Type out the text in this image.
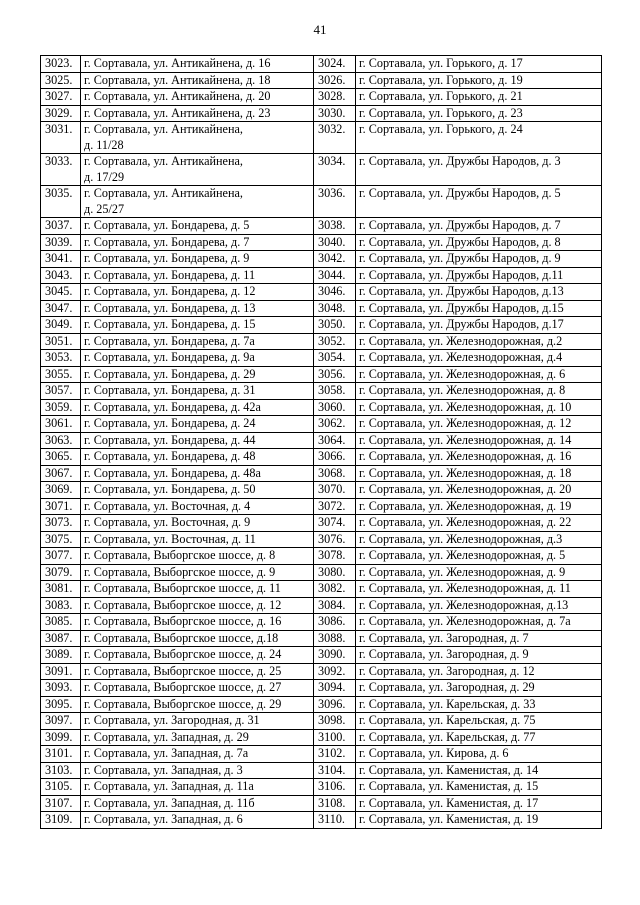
41
3023.	г. Сортавала, ул. Антикайнена, д. 16	3024.	г. Сортавала, ул. Горького, д. 17
3025.	г. Сортавала, ул. Антикайнена, д. 18	3026.	г. Сортавала, ул. Горького, д. 19
3027.	г. Сортавала, ул. Антикайнена, д. 20	3028.	г. Сортавала, ул. Горького, д. 21
3029.	г. Сортавала, ул. Антикайнена, д. 23	3030.	г. Сортавала, ул. Горького, д. 23
3031.	г. Сортавала, ул. Антикайнена,
д. 11/28	3032.	г. Сортавала, ул. Горького, д. 24
3033.	г. Сортавала, ул. Антикайнена,
д. 17/29	3034.	г. Сортавала, ул. Дружбы Народов, д. 3
3035.	г. Сортавала, ул. Антикайнена,
д. 25/27	3036.	г. Сортавала, ул. Дружбы Народов, д. 5
3037.	г. Сортавала, ул. Бондарева, д. 5	3038.	г. Сортавала, ул. Дружбы Народов, д. 7
3039.	г. Сортавала, ул. Бондарева, д. 7	3040.	г. Сортавала, ул. Дружбы Народов, д. 8
3041.	г. Сортавала, ул. Бондарева, д. 9	3042.	г. Сортавала, ул. Дружбы Народов, д. 9
3043.	г. Сортавала, ул. Бондарева, д. 11	3044.	г. Сортавала, ул. Дружбы Народов, д.11
3045.	г. Сортавала, ул. Бондарева, д. 12	3046.	г. Сортавала, ул. Дружбы Народов, д.13
3047.	г. Сортавала, ул. Бондарева, д. 13	3048.	г. Сортавала, ул. Дружбы Народов, д.15
3049.	г. Сортавала, ул. Бондарева, д. 15	3050.	г. Сортавала, ул. Дружбы Народов, д.17
3051.	г. Сортавала, ул. Бондарева, д. 7а	3052.	г. Сортавала, ул. Железнодорожная, д.2
3053.	г. Сортавала, ул. Бондарева, д. 9а	3054.	г. Сортавала, ул. Железнодорожная, д.4
3055.	г. Сортавала, ул. Бондарева, д. 29	3056.	г. Сортавала, ул. Железнодорожная, д. 6
3057.	г. Сортавала, ул. Бондарева, д. 31	3058.	г. Сортавала, ул. Железнодорожная, д. 8
3059.	г. Сортавала, ул. Бондарева, д. 42а	3060.	г. Сортавала, ул. Железнодорожная, д. 10
3061.	г. Сортавала, ул. Бондарева, д. 24	3062.	г. Сортавала, ул. Железнодорожная, д. 12
3063.	г. Сортавала, ул. Бондарева, д. 44	3064.	г. Сортавала, ул. Железнодорожная, д. 14
3065.	г. Сортавала, ул. Бондарева, д. 48	3066.	г. Сортавала, ул. Железнодорожная, д. 16
3067.	г. Сортавала, ул. Бондарева, д. 48а	3068.	г. Сортавала, ул. Железнодорожная, д. 18
3069.	г. Сортавала, ул. Бондарева, д. 50	3070.	г. Сортавала, ул. Железнодорожная, д. 20
3071.	г. Сортавала, ул. Восточная, д. 4	3072.	г. Сортавала, ул. Железнодорожная, д. 19
3073.	г. Сортавала, ул. Восточная, д. 9	3074.	г. Сортавала, ул. Железнодорожная, д. 22
3075.	г. Сортавала, ул. Восточная, д. 11	3076.	г. Сортавала, ул. Железнодорожная, д.3
3077.	г. Сортавала, Выборгское шоссе, д. 8	3078.	г. Сортавала, ул. Железнодорожная, д. 5
3079.	г. Сортавала, Выборгское шоссе, д. 9	3080.	г. Сортавала, ул. Железнодорожная, д. 9
3081.	г. Сортавала, Выборгское шоссе, д. 11	3082.	г. Сортавала, ул. Железнодорожная, д. 11
3083.	г. Сортавала, Выборгское шоссе, д. 12	3084.	г. Сортавала, ул. Железнодорожная, д.13
3085.	г. Сортавала, Выборгское шоссе, д. 16	3086.	г. Сортавала, ул. Железнодорожная, д. 7а
3087.	г. Сортавала, Выборгское шоссе, д.18	3088.	г. Сортавала, ул. Загородная, д. 7
3089.	г. Сортавала, Выборгское шоссе, д. 24	3090.	г. Сортавала, ул. Загородная, д. 9
3091.	г. Сортавала, Выборгское шоссе, д. 25	3092.	г. Сортавала, ул. Загородная, д. 12
3093.	г. Сортавала, Выборгское шоссе, д. 27	3094.	г. Сортавала, ул. Загородная, д. 29
3095.	г. Сортавала, Выборгское шоссе, д. 29	3096.	г. Сортавала, ул. Карельская, д. 33
3097.	г. Сортавала, ул. Загородная, д. 31	3098.	г. Сортавала, ул. Карельская, д. 75
3099.	г. Сортавала, ул. Западная, д. 29	3100.	г. Сортавала, ул. Карельская, д. 77
3101.	г. Сортавала, ул. Западная, д. 7а	3102.	г. Сортавала, ул. Кирова, д. 6
3103.	г. Сортавала, ул. Западная, д. 3	3104.	г. Сортавала, ул. Каменистая, д. 14
3105.	г. Сортавала, ул. Западная, д. 11а	3106.	г. Сортавала, ул. Каменистая, д. 15
3107.	г. Сортавала, ул. Западная, д. 11б	3108.	г. Сортавала, ул. Каменистая, д. 17
3109.	г. Сортавала, ул. Западная, д. 6	3110.	г. Сортавала, ул. Каменистая, д. 19
